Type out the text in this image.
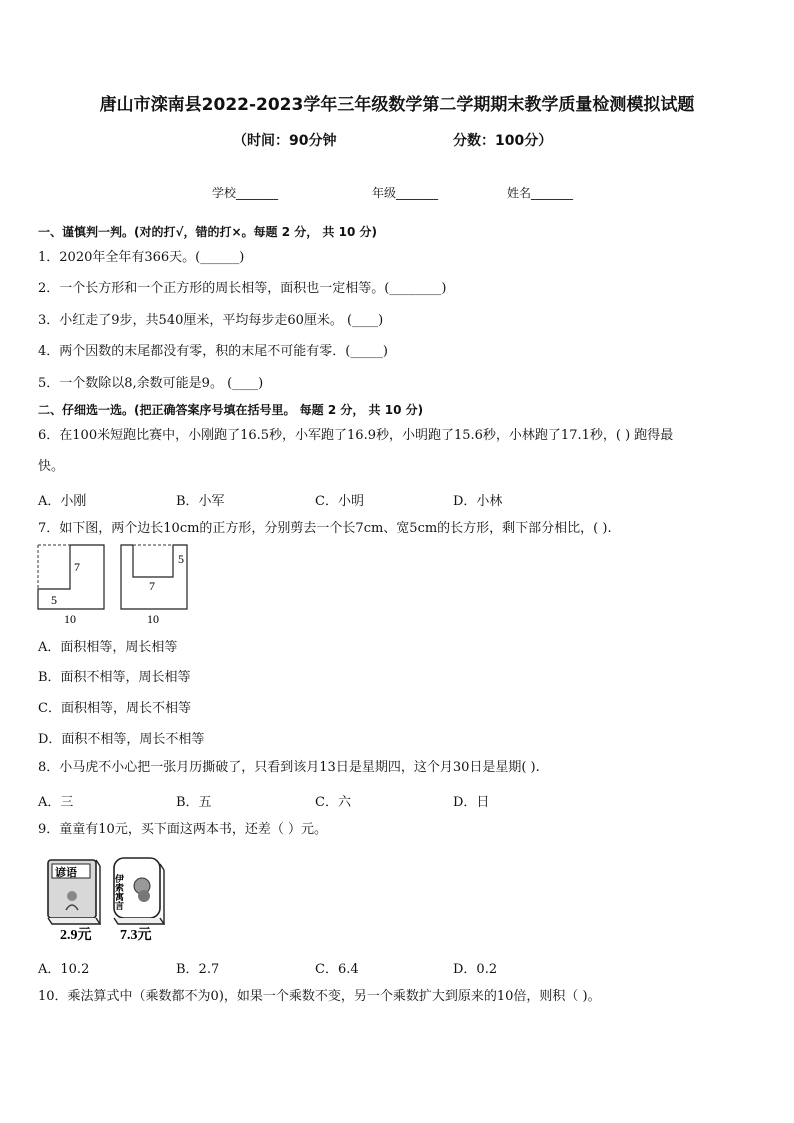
唐山市滦南县2022-2023学年三年级数学第二学期期末教学质量检测模拟试题
（时间：90分钟	分数：100分）
学校_______	年级_______	姓名_______
一、谨慎判一判。(对的打√，错的打×。每题 2 分， 共 10 分)
1．2020年全年有366天。(______)
2．一个长方形和一个正方形的周长相等，面积也一定相等。(________)
3．小红走了9步，共540厘米，平均每步走60厘米。 (____)
4．两个因数的末尾都没有零，积的末尾不可能有零．(_____)
5．一个数除以8,余数可能是9。 (____)
二、仔细选一选。(把正确答案序号填在括号里。 每题 2 分， 共 10 分)
6．在100米短跑比赛中，小刚跑了16.5秒，小军跑了16.9秒，小明跑了15.6秒，小林跑了17.1秒，( ) 跑得最
快。
A．小刚	B．小军	C．小明	D．小林
7．如下图，两个边长10cm的正方形，分别剪去一个长7cm、宽5cm的长方形，剩下部分相比，( ).
7
5
10
5
7
10
A．面积相等，周长相等
B．面积不相等，周长相等
C．面积相等，周长不相等
D．面积不相等，周长不相等
8．小马虎不小心把一张月历撕破了，只看到该月13日是星期四，这个月30日是星期( ).
A．三	B．五	C．六	D．日
9．童童有10元，买下面这两本书，还差（ ）元。
谚语
2.9元
伊索寓言
7.3元
A．10.2	B．2.7	C．6.4	D．0.2
10．乘法算式中（乘数都不为0)，如果一个乘数不变，另一个乘数扩大到原来的10倍，则积（ )。
